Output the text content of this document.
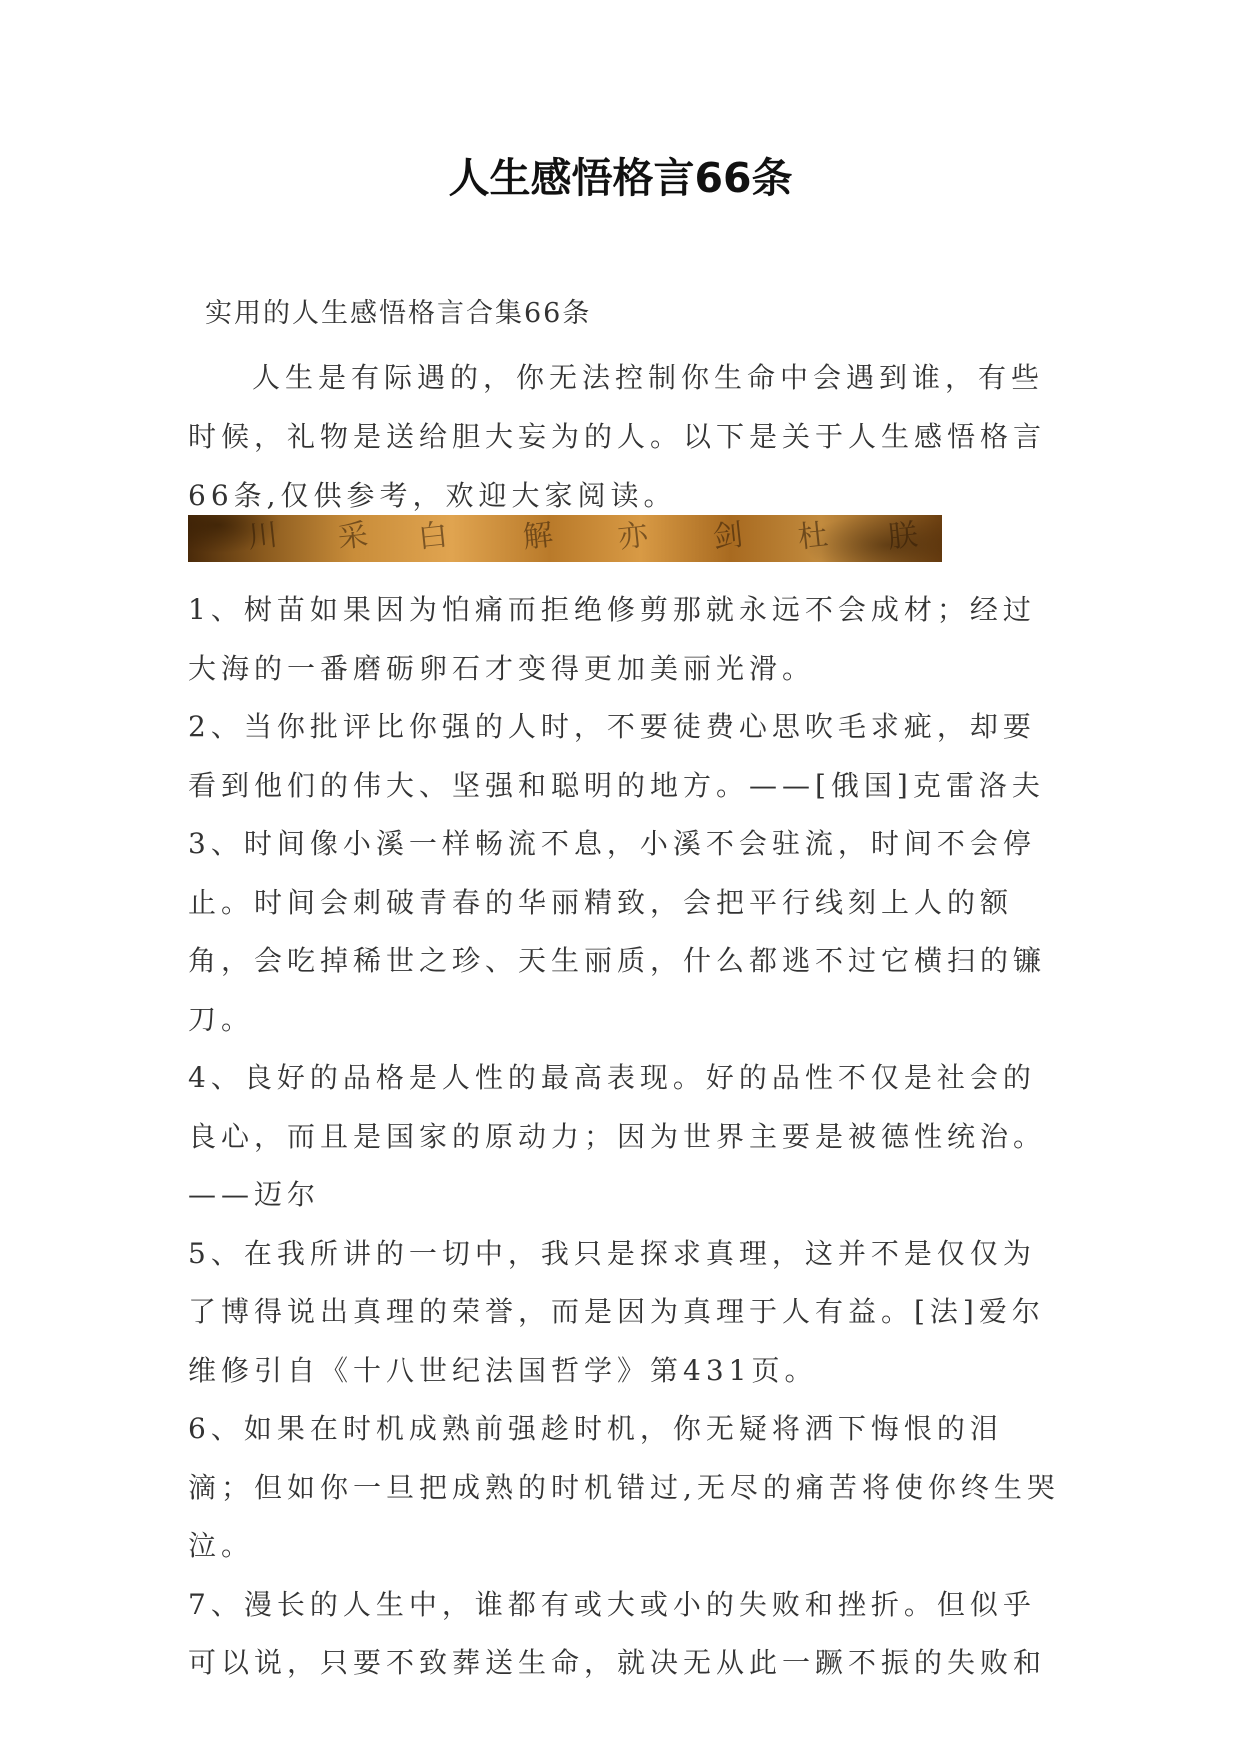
人生感悟格言66条

实用的人生感悟格言合集66条

人生是有际遇的，你无法控制你生命中会遇到谁，有些时候，礼物是送给胆大妄为的人。以下是关于人生感悟格言66条,仅供参考，欢迎大家阅读。

川 采 白 解 亦 剑 杜 朕
1、树苗如果因为怕痛而拒绝修剪那就永远不会成材；经过大海的一番磨砺卵石才变得更加美丽光滑。
2、当你批评比你强的人时，不要徒费心思吹毛求疵，却要看到他们的伟大、坚强和聪明的地方。——[俄国]克雷洛夫
3、时间像小溪一样畅流不息，小溪不会驻流，时间不会停止。时间会刺破青春的华丽精致，会把平行线刻上人的额角，会吃掉稀世之珍、天生丽质，什么都逃不过它横扫的镰刀。
4、良好的品格是人性的最高表现。好的品性不仅是社会的良心，而且是国家的原动力；因为世界主要是被德性统治。——迈尔
5、在我所讲的一切中，我只是探求真理，这并不是仅仅为了博得说出真理的荣誉，而是因为真理于人有益。[法]爱尔维修引自《十八世纪法国哲学》第431页。
6、如果在时机成熟前强趁时机，你无疑将洒下悔恨的泪滴；但如你一旦把成熟的时机错过,无尽的痛苦将使你终生哭泣。
7、漫长的人生中，谁都有或大或小的失败和挫折。但似乎可以说，只要不致葬送生命，就决无从此一蹶不振的失败和
